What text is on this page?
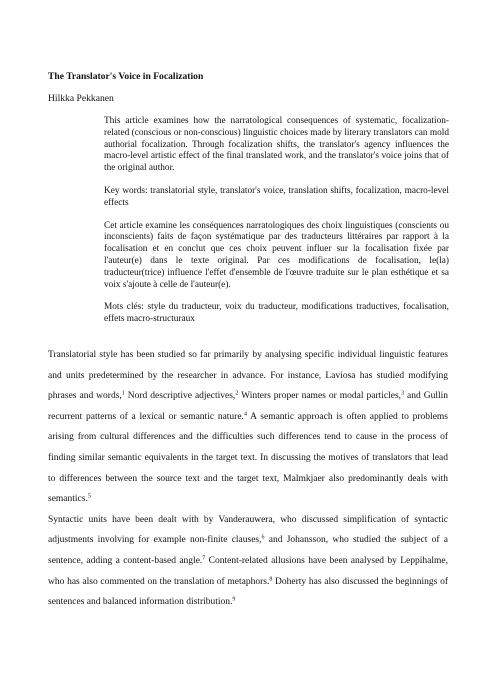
The Translator's Voice in Focalization
Hilkka Pekkanen

This article examines how the narratological consequences of systematic, focalization-related (conscious or non-conscious) linguistic choices made by literary translators can mold authorial focalization. Through focalization shifts, the translator's agency influences the macro-level artistic effect of the final translated work, and the translator's voice joins that of the original author.

Key words: translatorial style, translator's voice, translation shifts, focalization, macro-level effects

Cet article examine les conséquences narratologiques des choix linguistiques (conscients ou inconscients) faits de façon systématique par des traducteurs littéraires par rapport à la focalisation et en conclut que ces choix peuvent influer sur la focalisation fixée par l'auteur(e) dans le texte original. Par ces modifications de focalisation, le(la) traducteur(trice) influence l'effet d'ensemble de l'œuvre traduite sur le plan esthétique et sa voix s'ajoute à celle de l'auteur(e).

Mots clés: style du traducteur, voix du traducteur, modifications traductives, focalisation, effets macro-structuraux

Translatorial style has been studied so far primarily by analysing specific individual linguistic features and units predetermined by the researcher in advance. For instance, Laviosa has studied modifying phrases and words,$^1$ Nord descriptive adjectives,$^2$ Winters proper names or modal particles,$^3$ and Gullin recurrent patterns of a lexical or semantic nature.$^4$ A semantic approach is often applied to problems arising from cultural differences and the difficulties such differences tend to cause in the process of finding similar semantic equivalents in the target text. In discussing the motives of translators that lead to differences between the source text and the target text, Malmkjaer also predominantly deals with semantics.$^5$

Syntactic units have been dealt with by Vanderauwera, who discussed simplification of syntactic adjustments involving for example non-finite clauses,$^6$ and Johansson, who studied the subject of a sentence, adding a content-based angle.$^7$ Content-related allusions have been analysed by Leppihalme, who has also commented on the translation of metaphors.$^8$ Doherty has also discussed the beginnings of sentences and balanced information distribution.$^9$
